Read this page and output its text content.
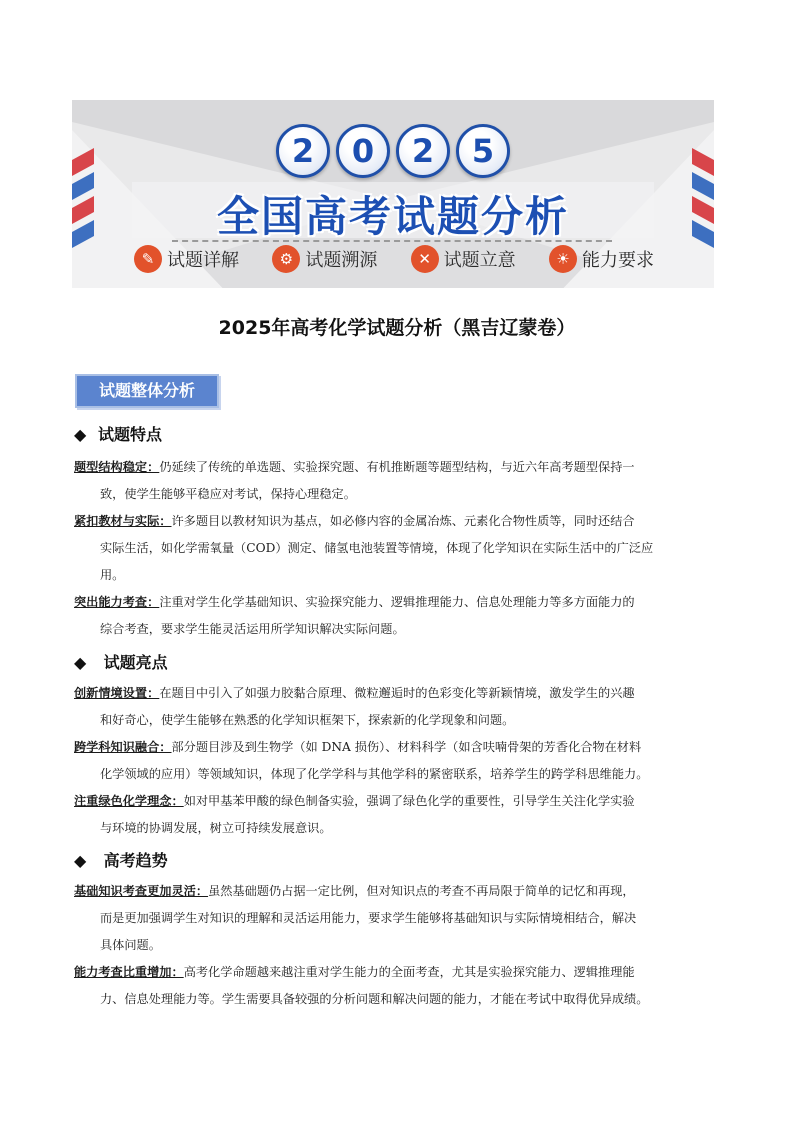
2	0	2	5
全国高考试题分析
✎ 试题详解	⚙ 试题溯源	✕ 试题立意	☀ 能力要求
2025年高考化学试题分析（黑吉辽蒙卷）
试题整体分析
◆ 试题特点
题型结构稳定：仍延续了传统的单选题、实验探究题、有机推断题等题型结构，与近六年高考题型保持一
致，使学生能够平稳应对考试，保持心理稳定。
紧扣教材与实际：许多题目以教材知识为基点，如必修内容的金属冶炼、元素化合物性质等，同时还结合
实际生活，如化学需氧量（COD）测定、储氢电池装置等情境，体现了化学知识在实际生活中的广泛应
用。
突出能力考查：注重对学生化学基础知识、实验探究能力、逻辑推理能力、信息处理能力等多方面能力的
综合考查，要求学生能灵活运用所学知识解决实际问题。
◆ 试题亮点
创新情境设置：在题目中引入了如强力胶黏合原理、微粒邂逅时的色彩变化等新颖情境，激发学生的兴趣
和好奇心，使学生能够在熟悉的化学知识框架下，探索新的化学现象和问题。
跨学科知识融合：部分题目涉及到生物学（如 DNA 损伤）、材料科学（如含呋喃骨架的芳香化合物在材料
化学领域的应用）等领域知识，体现了化学学科与其他学科的紧密联系，培养学生的跨学科思维能力。
注重绿色化学理念：如对甲基苯甲酸的绿色制备实验，强调了绿色化学的重要性，引导学生关注化学实验
与环境的协调发展，树立可持续发展意识。
◆ 高考趋势
基础知识考查更加灵活：虽然基础题仍占据一定比例，但对知识点的考查不再局限于简单的记忆和再现，
而是更加强调学生对知识的理解和灵活运用能力，要求学生能够将基础知识与实际情境相结合，解决
具体问题。
能力考查比重增加：高考化学命题越来越注重对学生能力的全面考查，尤其是实验探究能力、逻辑推理能
力、信息处理能力等。学生需要具备较强的分析问题和解决问题的能力，才能在考试中取得优异成绩。
